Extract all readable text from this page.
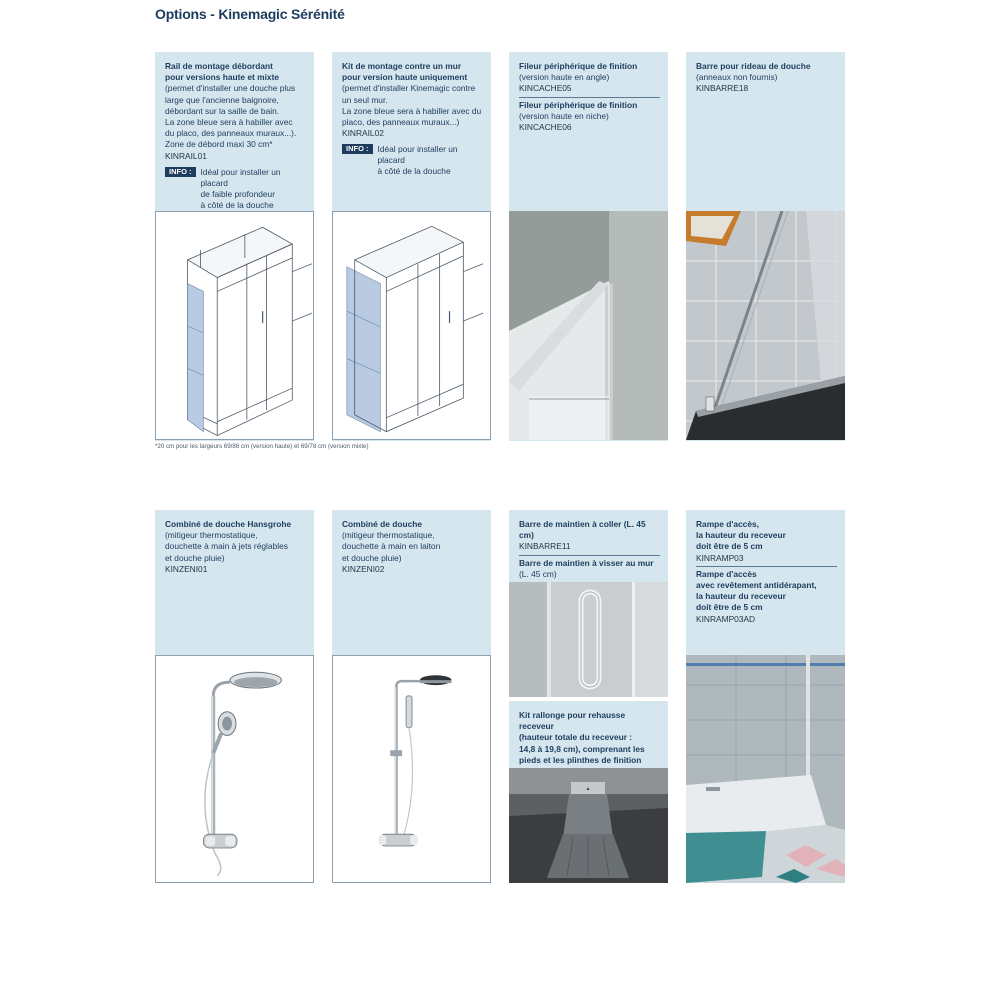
Options - Kinemagic Sérénité
Rail de montage débordant
pour versions haute et mixte
(permet d'installer une douche plus
large que l'ancienne baignoire,
débordant sur la saille de bain.
La zone bleue sera à habiller avec
du placo, des panneaux muraux...).
Zone de débord maxi 30 cm*
KINRAIL01
INFO :	Idéal pour installer un placard
de faible profondeur
à côté de la douche
Kit de montage contre un mur
pour version haute uniquement
(permet d'installer Kinemagic contre
un seul mur.
La zone bleue sera à habiller avec du
placo, des panneaux muraux...)
KINRAIL02
INFO :	Idéal pour installer un placard
à côté de la douche
Fileur périphérique de finition
(version haute en angle)
KINCACHE05
Fileur périphérique de finition
(version haute en niche)
KINCACHE06
Barre pour rideau de douche
(anneaux non fournis)
KINBARRE18
*20 cm pour les largeurs 69/86 cm (version haute) et 69/78 cm (version mixte)
Combiné de douche Hansgrohe
(mitigeur thermostatique,
douchette à main à jets réglables
et douche pluie)
KINZENI01
Combiné de douche
(mitigeur thermostatique,
douchette à main en laiton
et douche pluie)
KINZENI02
Barre de maintien à coller (L. 45 cm)
KINBARRE11
Barre de maintien à visser au mur
(L. 45 cm)
Kit rallonge pour rehausse receveur
(hauteur totale du receveur :
14,8 à 19,8 cm), comprenant les
pieds et les plinthes de finition
▲
Rampe d'accès,
la hauteur du receveur
doit être de 5 cm
KINRAMP03
Rampe d'accès
avec revêtement antidérapant,
la hauteur du receveur
doit être de 5 cm
KINRAMP03AD
